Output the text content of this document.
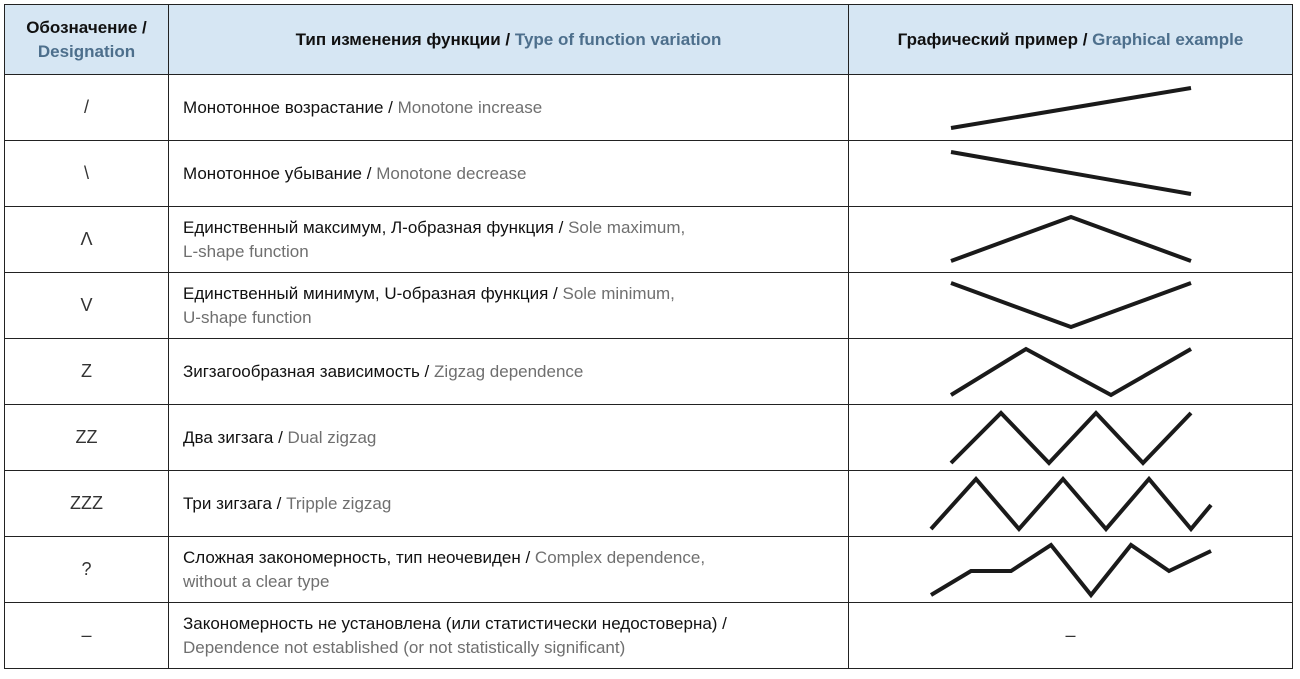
Обозначение /
Designation	Тип изменения функции / Type of function variation	Графический пример / Graphical example
/	Монотонное возрастание / Monotone increase	

\	Монотонное убывание / Monotone decrease	

Λ	Единственный максимум, Л-образная функция / Sole maximum,
L-shape function	

V	Единственный минимум, U-образная функция / Sole minimum,
U-shape function	

Z	Зигзагообразная зависимость / Zigzag dependence	

ZZ	Два зигзага / Dual zigzag	

ZZZ	Три зигзага / Tripple zigzag	

?	Сложная закономерность, тип неочевиден / Complex dependence,
without a clear type	

–	Закономерность не установлена (или статистически недостоверна) /
Dependence not established (or not statistically significant)	–
